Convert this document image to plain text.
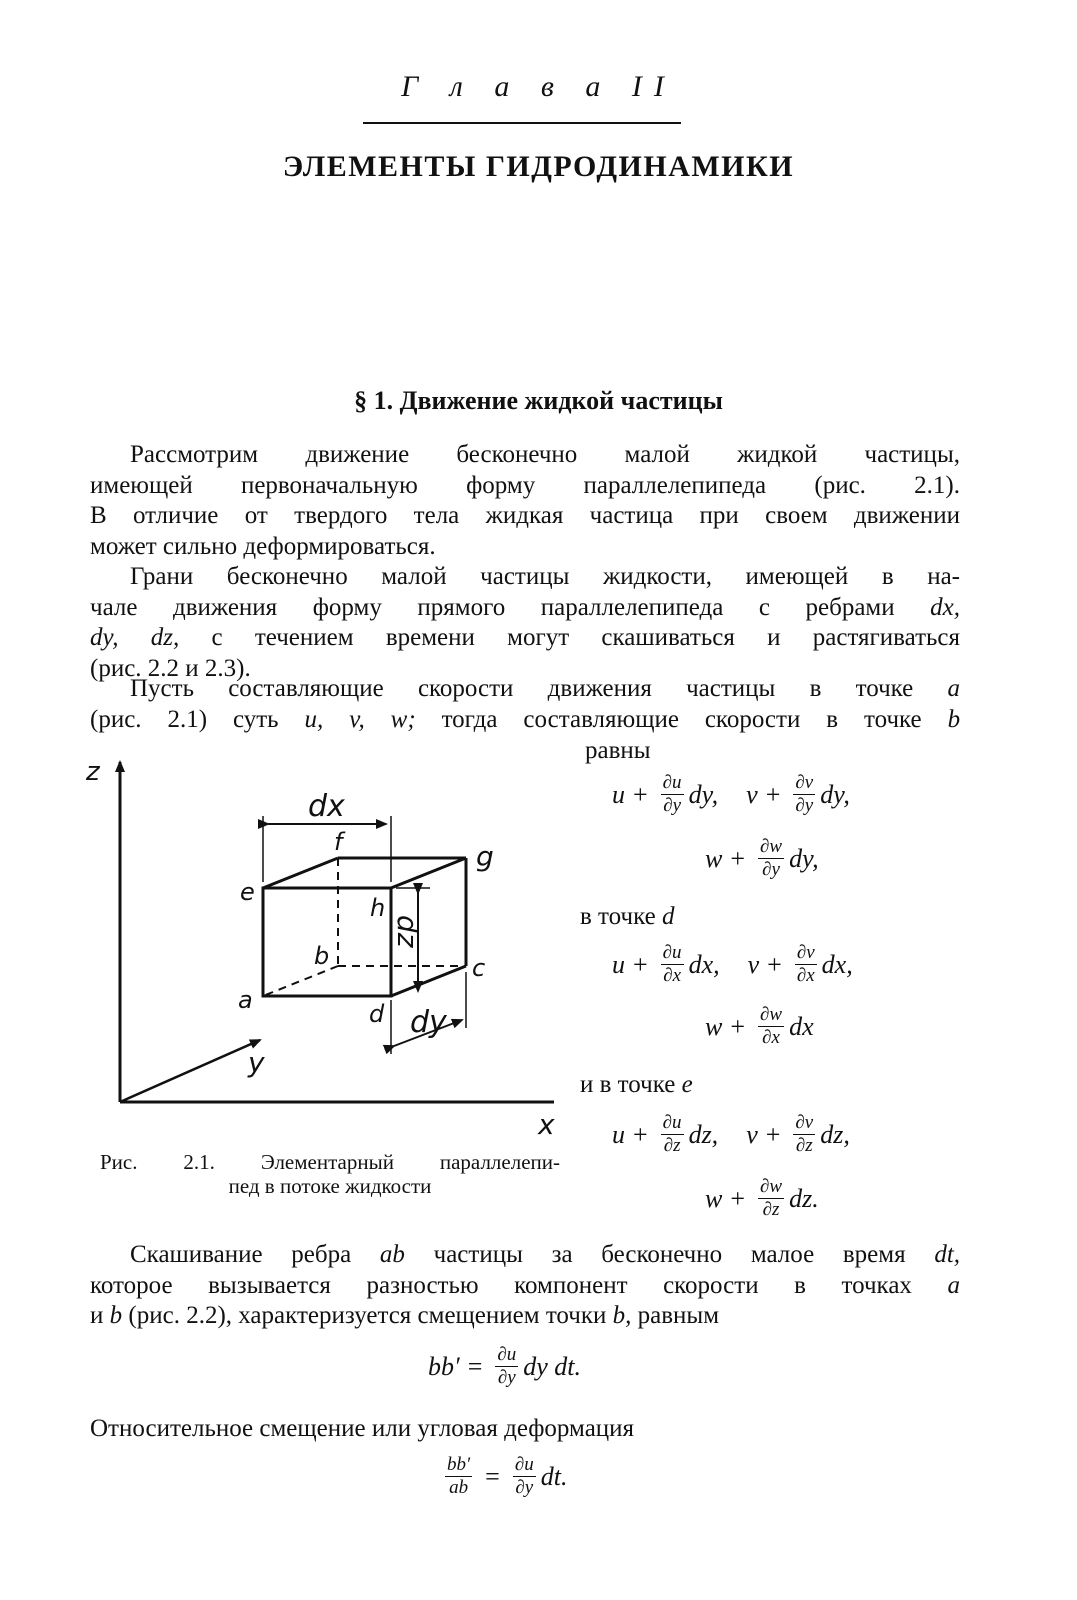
Г л а в а II
ЭЛЕМЕНТЫ ГИДРОДИНАМИКИ
§ 1. Движение жидкой частицы
Рассмотрим движение бесконечно малой жидкой частицы,
имеющей первоначальную форму параллелепипеда (рис. 2.1).
В отличие от твердого тела жидкая частица при своем движении
может сильно деформироваться.
Грани бесконечно малой частицы жидкости, имеющей в на-
чале движения форму прямого параллелепипеда с ребрами dx,
dy, dz, с течением времени могут скашиваться и растягиваться
(рис. 2.2 и 2.3).
Пусть составляющие скорости движения частицы в точке a
(рис. 2.1) суть u, v, w; тогда составляющие скорости в точке b
равны
$u + \frac{\partial u}{\partial y}$ dy, $v + \frac{\partial v}{\partial y}$ dy,
$w + \frac{\partial w}{\partial y}$ dy,
в точке d
$u + \frac{\partial u}{\partial x}$ dx, $v + \frac{\partial v}{\partial x}$ dx,
$w + \frac{\partial w}{\partial x}$ dx
и в точке e
$u + \frac{\partial u}{\partial z}$ dz, $v + \frac{\partial v}{\partial z}$ dz,
$w + \frac{\partial w}{\partial z}$ dz.
z
x
y
dx
dz
dy
a
b	c
d
e
f	g
h
Рис. 2.1. Элементарный параллелепи-
пед в потоке жидкости
Скашивание ребра ab частицы за бесконечно малое время dt,
которое вызывается разностью компонент скорости в точках a
и b (рис. 2.2), характеризуется смещением точки b, равным
$bb' = \frac{\partial u}{\partial y}$ dy dt.
Относительное смещение или угловая деформация
$\frac{bb'}{ab} = \frac{\partial u}{\partial y}$ dt.
